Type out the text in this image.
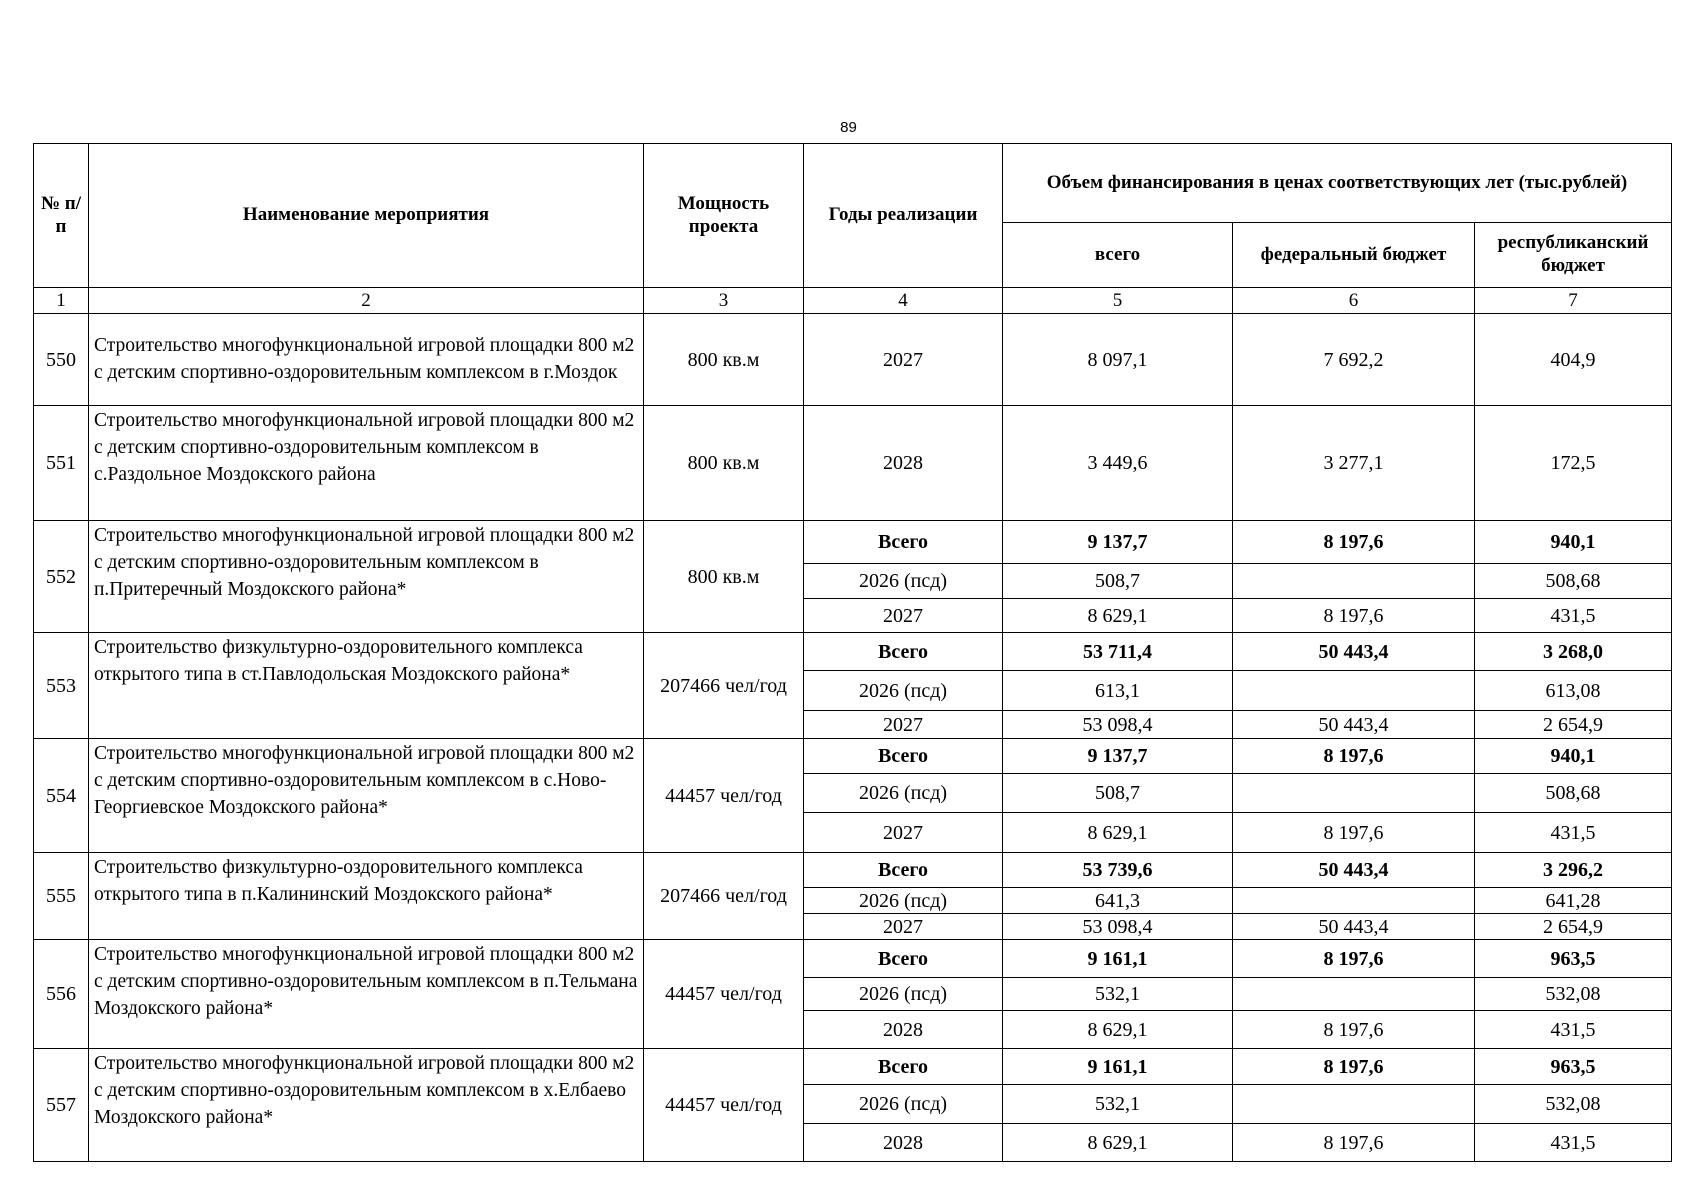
89
№ п/п	Наименование мероприятия	Мощность проекта	Годы реализации	Объем финансирования в ценах соответствующих лет (тыс.рублей)		
				всего	федеральный бюджет	республиканский бюджет
1	2	3	4	5	6	7
550	Строительство многофункциональной игровой площадки 800 м2 с детским спортивно-оздоровительным комплексом в г.Моздок	800 кв.м	2027	8 097,1	7 692,2	404,9
551	Строительство многофункциональной игровой площадки 800 м2 с детским спортивно-оздоровительным комплексом в с.Раздольное Моздокского района	800 кв.м	2028	3 449,6	3 277,1	172,5
552	Строительство многофункциональной игровой площадки 800 м2 с детским спортивно-оздоровительным комплексом в п.Притеречный Моздокского района*	800 кв.м	Всего	9 137,7	8 197,6	940,1
			2026 (псд)	508,7		508,68
			2027	8 629,1	8 197,6	431,5
553	Строительство физкультурно-оздоровительного комплекса открытого типа в ст.Павлодольская Моздокского района*	207466 чел/год	Всего	53 711,4	50 443,4	3 268,0
			2026 (псд)	613,1		613,08
			2027	53 098,4	50 443,4	2 654,9
554	Строительство многофункциональной игровой площадки 800 м2 с детским спортивно-оздоровительным комплексом в с.Ново-Георгиевское Моздокского района*	44457 чел/год	Всего	9 137,7	8 197,6	940,1
			2026 (псд)	508,7		508,68
			2027	8 629,1	8 197,6	431,5
555	Строительство физкультурно-оздоровительного комплекса открытого типа в п.Калининский Моздокского района*	207466 чел/год	Всего	53 739,6	50 443,4	3 296,2
			2026 (псд)	641,3		641,28
			2027	53 098,4	50 443,4	2 654,9
556	Строительство многофункциональной игровой площадки 800 м2 с детским спортивно-оздоровительным комплексом в п.Тельмана Моздокского района*	44457 чел/год	Всего	9 161,1	8 197,6	963,5
			2026 (псд)	532,1		532,08
			2028	8 629,1	8 197,6	431,5
557	Строительство многофункциональной игровой площадки 800 м2 с детским спортивно-оздоровительным комплексом в х.Елбаево Моздокского района*	44457 чел/год	Всего	9 161,1	8 197,6	963,5
			2026 (псд)	532,1		532,08
			2028	8 629,1	8 197,6	431,5
